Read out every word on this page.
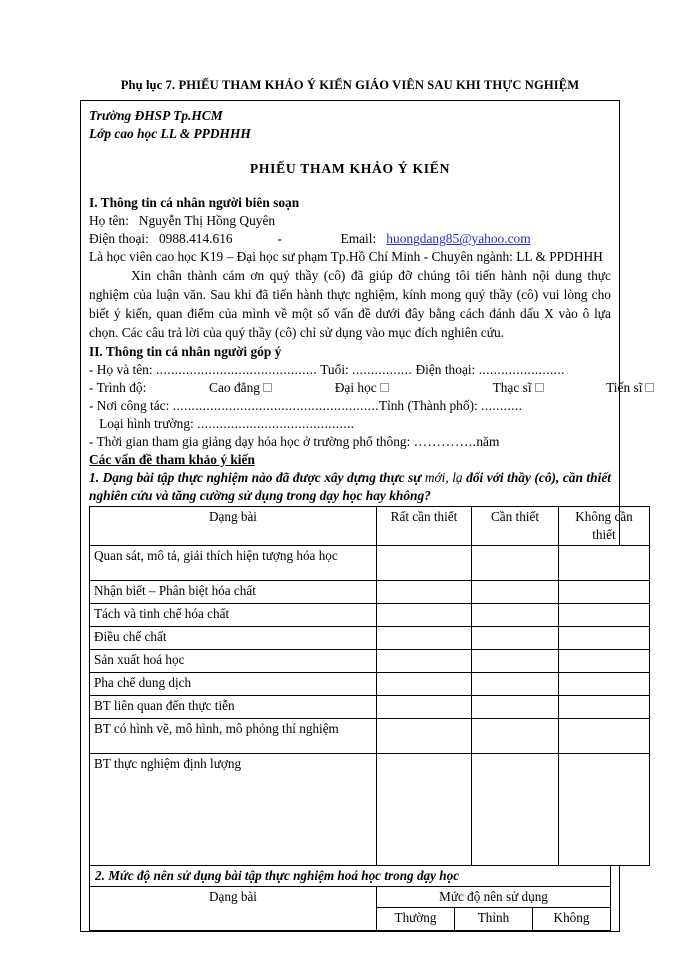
Phụ lục 7. PHIẾU THAM KHẢO Ý KIẾN GIÁO VIÊN SAU KHI THỰC NGHIỆM
Trường ĐHSP Tp.HCM
Lớp cao học LL & PPDHHH
PHIẾU THAM KHẢO Ý KIẾN
I. Thông tin cá nhân người biên soạn
Họ tên: Nguyễn Thị Hồng Quyên
Điện thoại: 0988.414.616	-	Email: huongdang85@yahoo.com
Là học viên cao học K19 – Đại học sư phạm Tp.Hồ Chí Minh - Chuyên ngành: LL & PPDHHH

Xin chân thành cám ơn quý thầy (cô) đã giúp đỡ chúng tôi tiến hành nội dung thực nghiệm của luận văn. Sau khi đã tiến hành thực nghiệm, kính mong quý thầy (cô) vui lòng cho biết ý kiến, quan điểm của mình về một số vấn đề dưới đây bằng cách đánh dấu X vào ô lựa chọn. Các câu trả lời của quý thầy (cô) chỉ sử dụng vào mục đích nghiên cứu.

II. Thông tin cá nhân người góp ý
- Họ và tên: ........................................... Tuổi: ................ Điện thoại: .......................
- Trình độ:	Cao đẳng	Đại học	Thạc sĩ	Tiến sĩ
- Nơi công tác: .......................................................Tỉnh (Thành phố): ...........
Loại hình trường: ..........................................
- Thời gian tham gia giảng dạy hóa học ở trường phổ thông: …………..năm
Các vấn đề tham khảo ý kiến
1. Dạng bài tập thực nghiệm nào đã được xây dựng thực sự mới, lạ đối với thầy (cô), cần thiết nghiên cứu và tăng cường sử dụng trong dạy học hay không?
Dạng bài	Rất cần thiết	Cần thiết	Không cần thiết
Quan sát, mô tả, giải thích hiện tượng hóa học			
Nhận biết – Phân biệt hóa chất			
Tách và tinh chế hóa chất			
Điều chế chất			
Sản xuất hoá học			
Pha chế dung dịch			
BT liên quan đến thực tiễn			
BT có hình vẽ, mô hình, mô phỏng thí nghiệm			
BT thực nghiệm định lượng			
2. Mức độ nên sử dụng bài tập thực nghiệm hoá học trong dạy học
Dạng bài	Mức độ nên sử dụng		
	Thường	Thỉnh	Không
